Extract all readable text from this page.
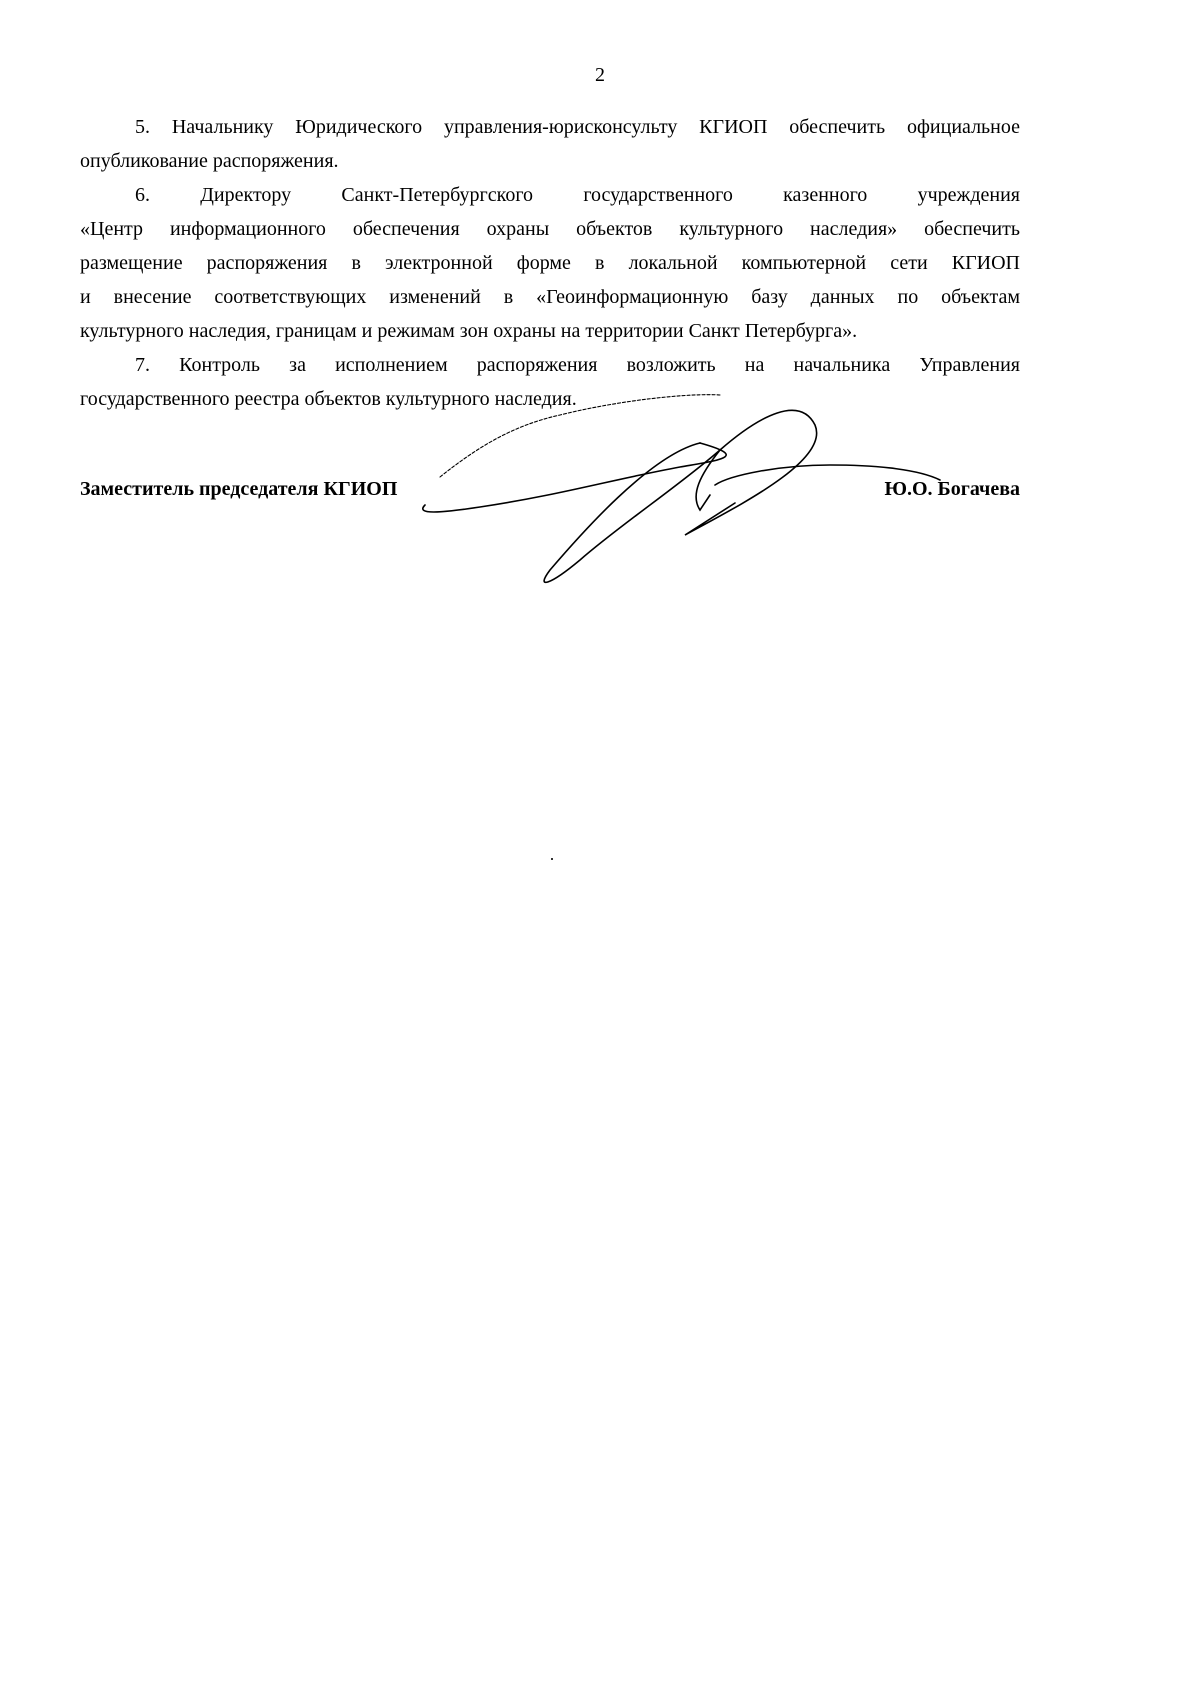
2
5. Начальнику Юридического управления-юрисконсульту КГИОП обеспечить официальное
опубликование распоряжения.
6. Директору Санкт-Петербургского государственного казенного учреждения
«Центр информационного обеспечения охраны объектов культурного наследия» обеспечить
размещение распоряжения в электронной форме в локальной компьютерной сети КГИОП
и внесение соответствующих изменений в «Геоинформационную базу данных по объектам
культурного наследия, границам и режимам зон охраны на территории Санкт Петербурга».
7. Контроль за исполнением распоряжения возложить на начальника Управления
государственного реестра объектов культурного наследия.
Заместитель председателя КГИОП	Ю.О. Богачева
